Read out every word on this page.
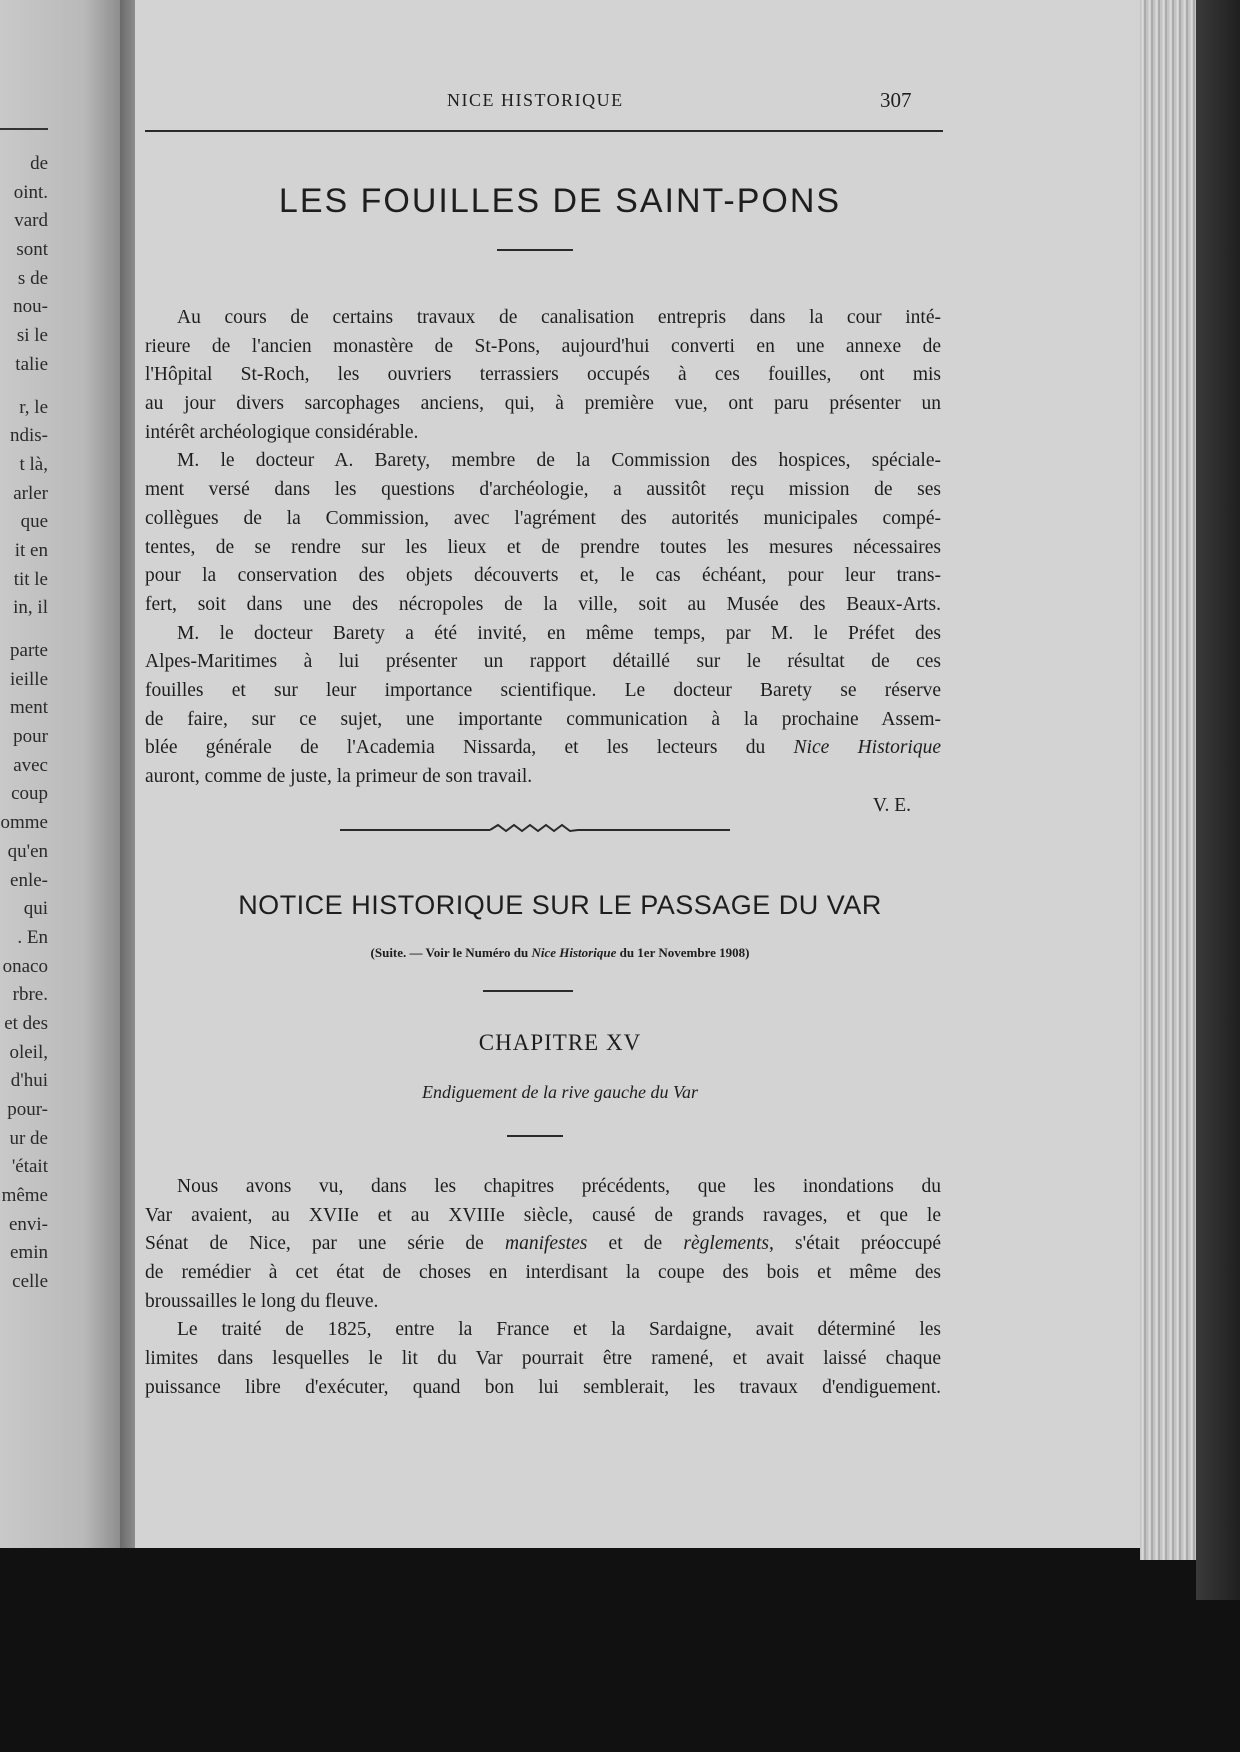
de
oint.
vard
sont
s de
nou-
si le
talie
r, le
ndis-
t là,
arler
que
it en
tit le
in, il
parte
ieille
ment
pour
avec
coup
omme
qu'en
enle-
qui
. En
onaco
rbre.
et des
oleil,
d'hui
pour-
ur de
'était
même
envi-
emin
celle
NICE HISTORIQUE	307
LES FOUILLES DE SAINT-PONS
Au cours de certains travaux de canalisation entrepris dans la cour inté-
rieure de l'ancien monastère de St-Pons, aujourd'hui converti en une annexe de
l'Hôpital St-Roch, les ouvriers terrassiers occupés à ces fouilles, ont mis
au jour divers sarcophages anciens, qui, à première vue, ont paru présenter un
intérêt archéologique considérable.
M. le docteur A. Barety, membre de la Commission des hospices, spéciale-
ment versé dans les questions d'archéologie, a aussitôt reçu mission de ses
collègues de la Commission, avec l'agrément des autorités municipales compé-
tentes, de se rendre sur les lieux et de prendre toutes les mesures nécessaires
pour la conservation des objets découverts et, le cas échéant, pour leur trans-
fert, soit dans une des nécropoles de la ville, soit au Musée des Beaux-Arts.
M. le docteur Barety a été invité, en même temps, par M. le Préfet des
Alpes-Maritimes à lui présenter un rapport détaillé sur le résultat de ces
fouilles et sur leur importance scientifique. Le docteur Barety se réserve
de faire, sur ce sujet, une importante communication à la prochaine Assem-
blée générale de l'Academia Nissarda, et les lecteurs du Nice Historique
auront, comme de juste, la primeur de son travail.
V. E.
NOTICE HISTORIQUE SUR LE PASSAGE DU VAR
(Suite. — Voir le Numéro du Nice Historique du 1er Novembre 1908)
CHAPITRE XV
Endiguement de la rive gauche du Var
Nous avons vu, dans les chapitres précédents, que les inondations du
Var avaient, au XVIIe et au XVIIIe siècle, causé de grands ravages, et que le
Sénat de Nice, par une série de manifestes et de règlements, s'était préoccupé
de remédier à cet état de choses en interdisant la coupe des bois et même des
broussailles le long du fleuve.
Le traité de 1825, entre la France et la Sardaigne, avait déterminé les
limites dans lesquelles le lit du Var pourrait être ramené, et avait laissé chaque
puissance libre d'exécuter, quand bon lui semblerait, les travaux d'endiguement.
